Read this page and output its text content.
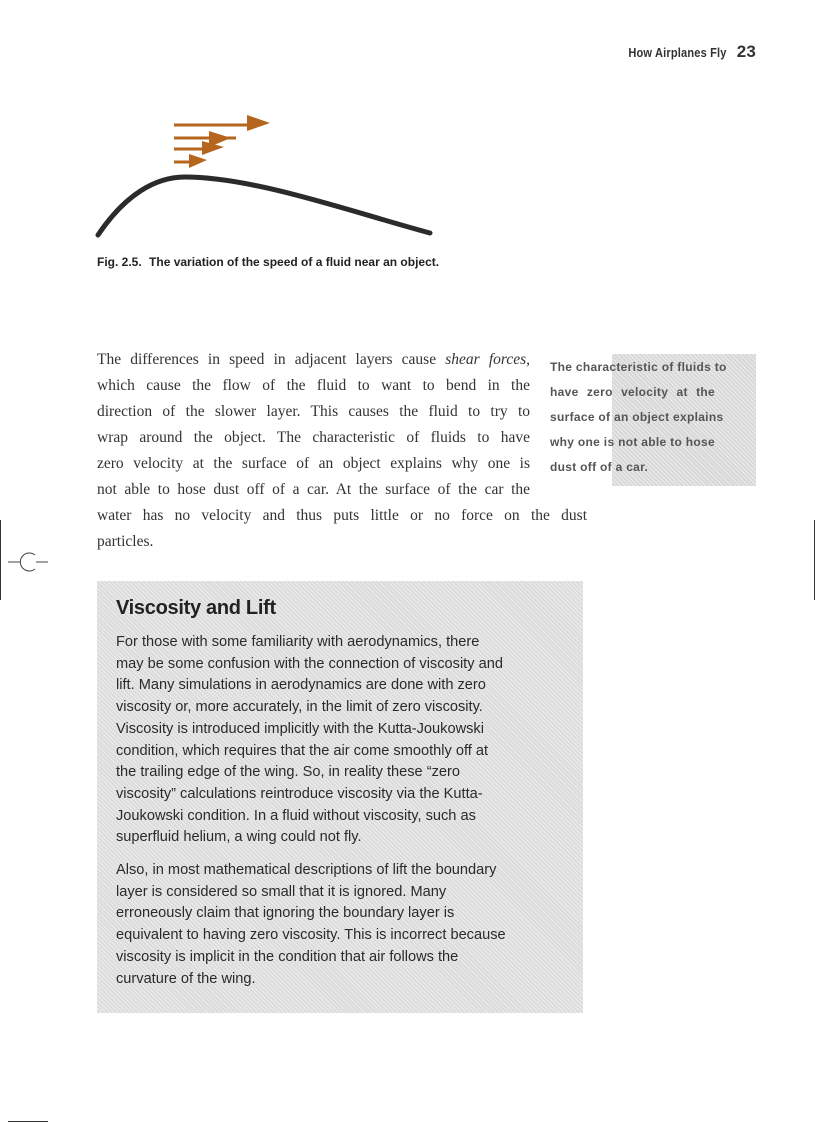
How Airplanes Fly 23
Fig. 2.5. The variation of the speed of a fluid near an object.
The differences in speed in adjacent layers cause shear forces,
which cause the flow of the fluid to want to bend in the
direction of the slower layer. This causes the fluid to try to
wrap around the object. The characteristic of fluids to have
zero velocity at the surface of an object explains why one is
not able to hose dust off of a car. At the surface of the car the
water has no velocity and thus puts little or no force on the dust
particles.
The characteristic of fluids to
have zero velocity at the
surface of an object explains
why one is not able to hose
dust off of a car.
Viscosity and Lift
For those with some familiarity with aerodynamics, there
may be some confusion with the connection of viscosity and
lift. Many simulations in aerodynamics are done with zero
viscosity or, more accurately, in the limit of zero viscosity.
Viscosity is introduced implicitly with the Kutta-Joukowski
condition, which requires that the air come smoothly off at
the trailing edge of the wing. So, in reality these “zero
viscosity” calculations reintroduce viscosity via the Kutta-
Joukowski condition. In a fluid without viscosity, such as
superfluid helium, a wing could not fly.
Also, in most mathematical descriptions of lift the boundary
layer is considered so small that it is ignored. Many
erroneously claim that ignoring the boundary layer is
equivalent to having zero viscosity. This is incorrect because
viscosity is implicit in the condition that air follows the
curvature of the wing.
